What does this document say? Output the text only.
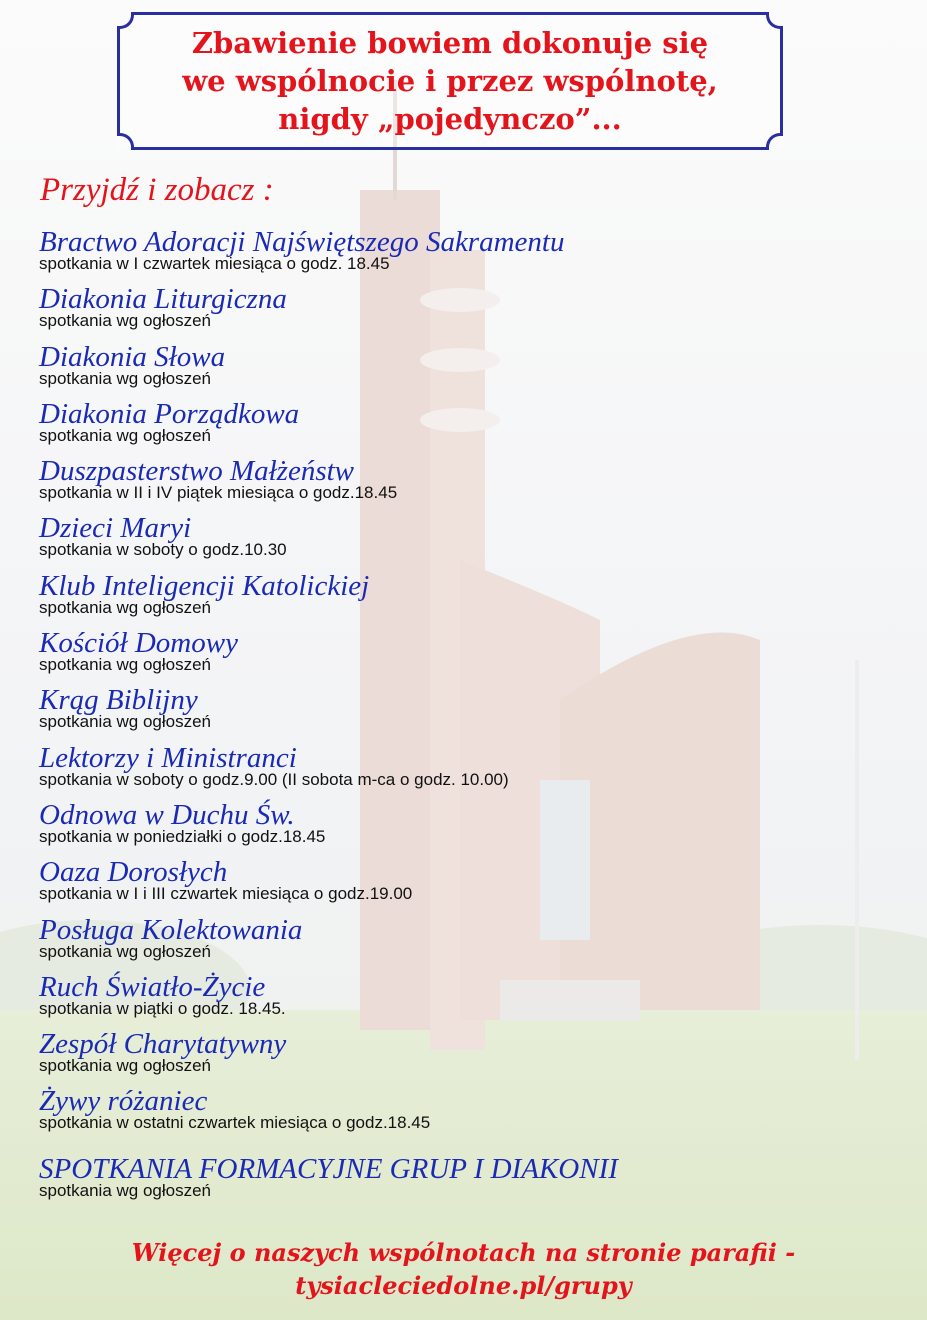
Zbawienie bowiem dokonuje się
we wspólnocie i przez wspólnotę,
nigdy „pojedynczo”...
Przyjdź i zobacz :
Bractwo Adoracji Najświętszego Sakramentu
spotkania w I czwartek miesiąca o godz. 18.45
Diakonia Liturgiczna
spotkania wg ogłoszeń
Diakonia Słowa
spotkania wg ogłoszeń
Diakonia Porządkowa
spotkania wg ogłoszeń
Duszpasterstwo Małżeństw
spotkania w II i IV piątek miesiąca o godz.18.45
Dzieci Maryi
spotkania w soboty o godz.10.30
Klub Inteligencji Katolickiej
spotkania wg ogłoszeń
Kościół Domowy
spotkania wg ogłoszeń
Krąg Biblijny
spotkania wg ogłoszeń
Lektorzy i Ministranci
spotkania w soboty o godz.9.00 (II sobota m-ca o godz. 10.00)
Odnowa w Duchu Św.
spotkania w poniedziałki o godz.18.45
Oaza Dorosłych
spotkania w I i III czwartek miesiąca o godz.19.00
Posługa Kolektowania
spotkania wg ogłoszeń
Ruch Światło-Życie
spotkania w piątki o godz. 18.45.
Zespół Charytatywny
spotkania wg ogłoszeń
Żywy różaniec
spotkania w ostatni czwartek miesiąca o godz.18.45
SPOTKANIA FORMACYJNE GRUP I DIAKONII
spotkania wg ogłoszeń
Więcej o naszych wspólnotach na stronie parafii -
tysiacleciedolne.pl/grupy
